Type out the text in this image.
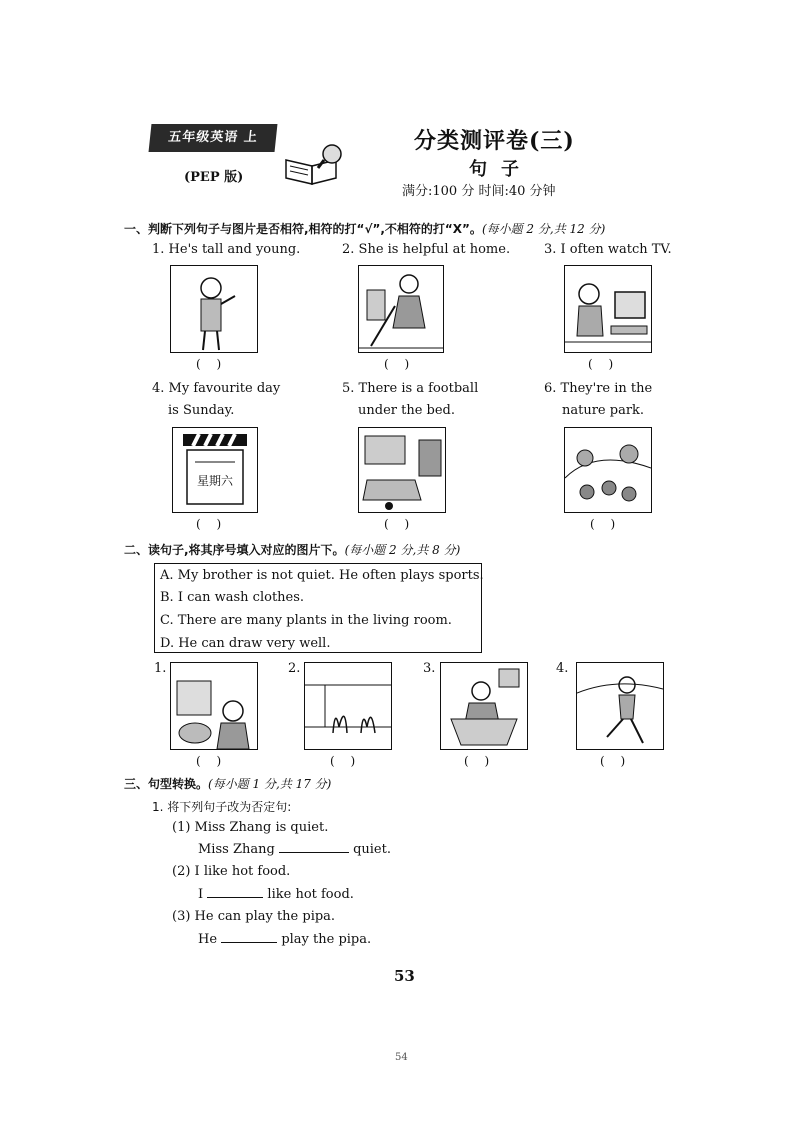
五年级英语 上
(PEP 版)
分类测评卷(三)
句子
满分:100 分 时间:40 分钟
一、判断下列句子与图片是否相符,相符的打“√”,不相符的打“X”。(每小题 2 分,共 12 分)
1. He's tall and young.	2. She is helpful at home.	3. I often watch TV.
( )	( )	( )
4. My favourite day
is Sunday.
5. There is a football
under the bed.
6. They're in the
nature park.
星期六
( )	( )	( )
二、读句子,将其序号填入对应的图片下。(每小题 2 分,共 8 分)
A. My brother is not quiet. He often plays sports.
B. I can wash clothes.
C. There are many plants in the living room.
D. He can draw very well.
1.	2.	3.	4.
( )	( )	( )	( )
三、句型转换。(每小题 1 分,共 17 分)
1. 将下列句子改为否定句:
(1) Miss Zhang is quiet.
Miss Zhang	quiet.
(2) I like hot food.
I	like hot food.
(3) He can play the pipa.
He	play the pipa.
53
54
